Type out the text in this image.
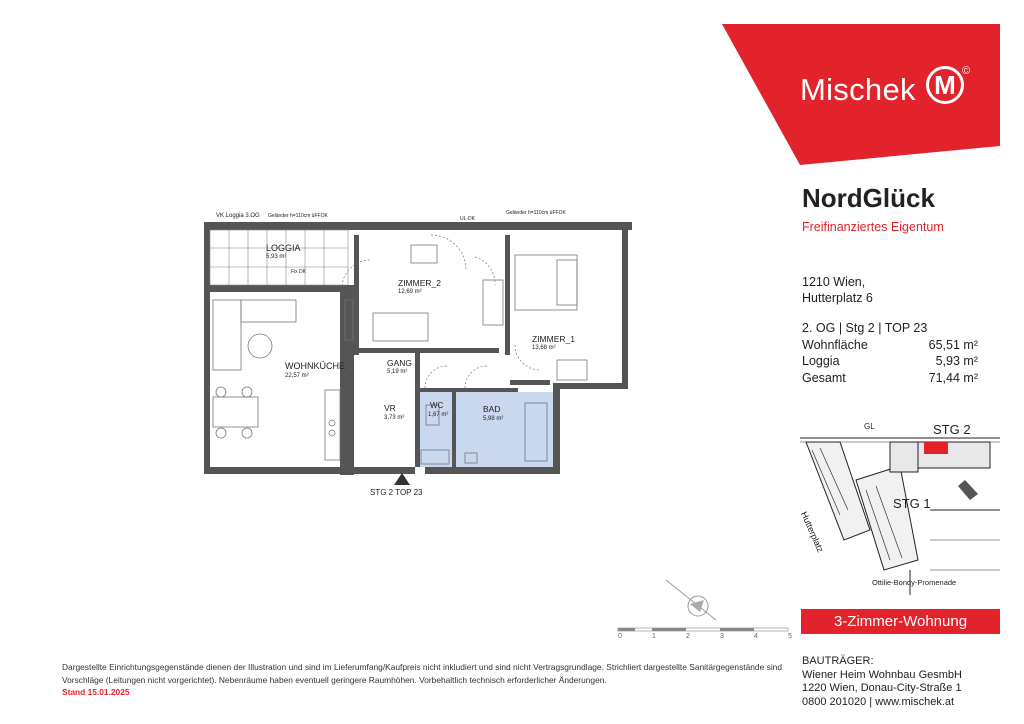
Mischek M ©
NordGlück
Freifinanziertes Eigentum
1210 Wien,
Hutterplatz 6
2. OG | Stg 2 | TOP 23
Wohnfläche	65,51 m²
Loggia	5,93 m²
Gesamt	71,44 m²
GL	STG 2
STG 1
Hutterplatz
Ottilie-Bondy-Promenade
3-Zimmer-Wohnung
BAUTRÄGER:
Wiener Heim Wohnbau GesmbH
1220 Wien, Donau-City-Straße 1
0800 201020 | www.mischek.at
Dargestellte Einrichtungsgegenstände dienen der Illustration und sind im Lieferumfang/Kaufpreis nicht inkludiert und sind nicht Vertragsgrundlage. Strichliert dargestellte Sanitärgegenstände sind Vorschläge (Leitungen nicht vorgerichtet). Nebenräume haben eventuell geringere Raumhöhen. Vorbehaltlich technisch erforderlicher Änderungen.
Stand 15.01.2025
0	1	2	3	4	5
VK Loggia 3.OG Geländer h=110cm üFFOK	Geländer h=110cm üFFOK
UL-DK
Fix DK
LOGGIA
5,93 m²
ZIMMER_2
12,69 m²
ZIMMER_1
13,68 m²
WOHNKÜCHE
22,57 m²
GANG
5,19 m²
VR
3,73 m²
WC
1,67 m²
BAD
5,98 m²
STG 2 TOP 23
